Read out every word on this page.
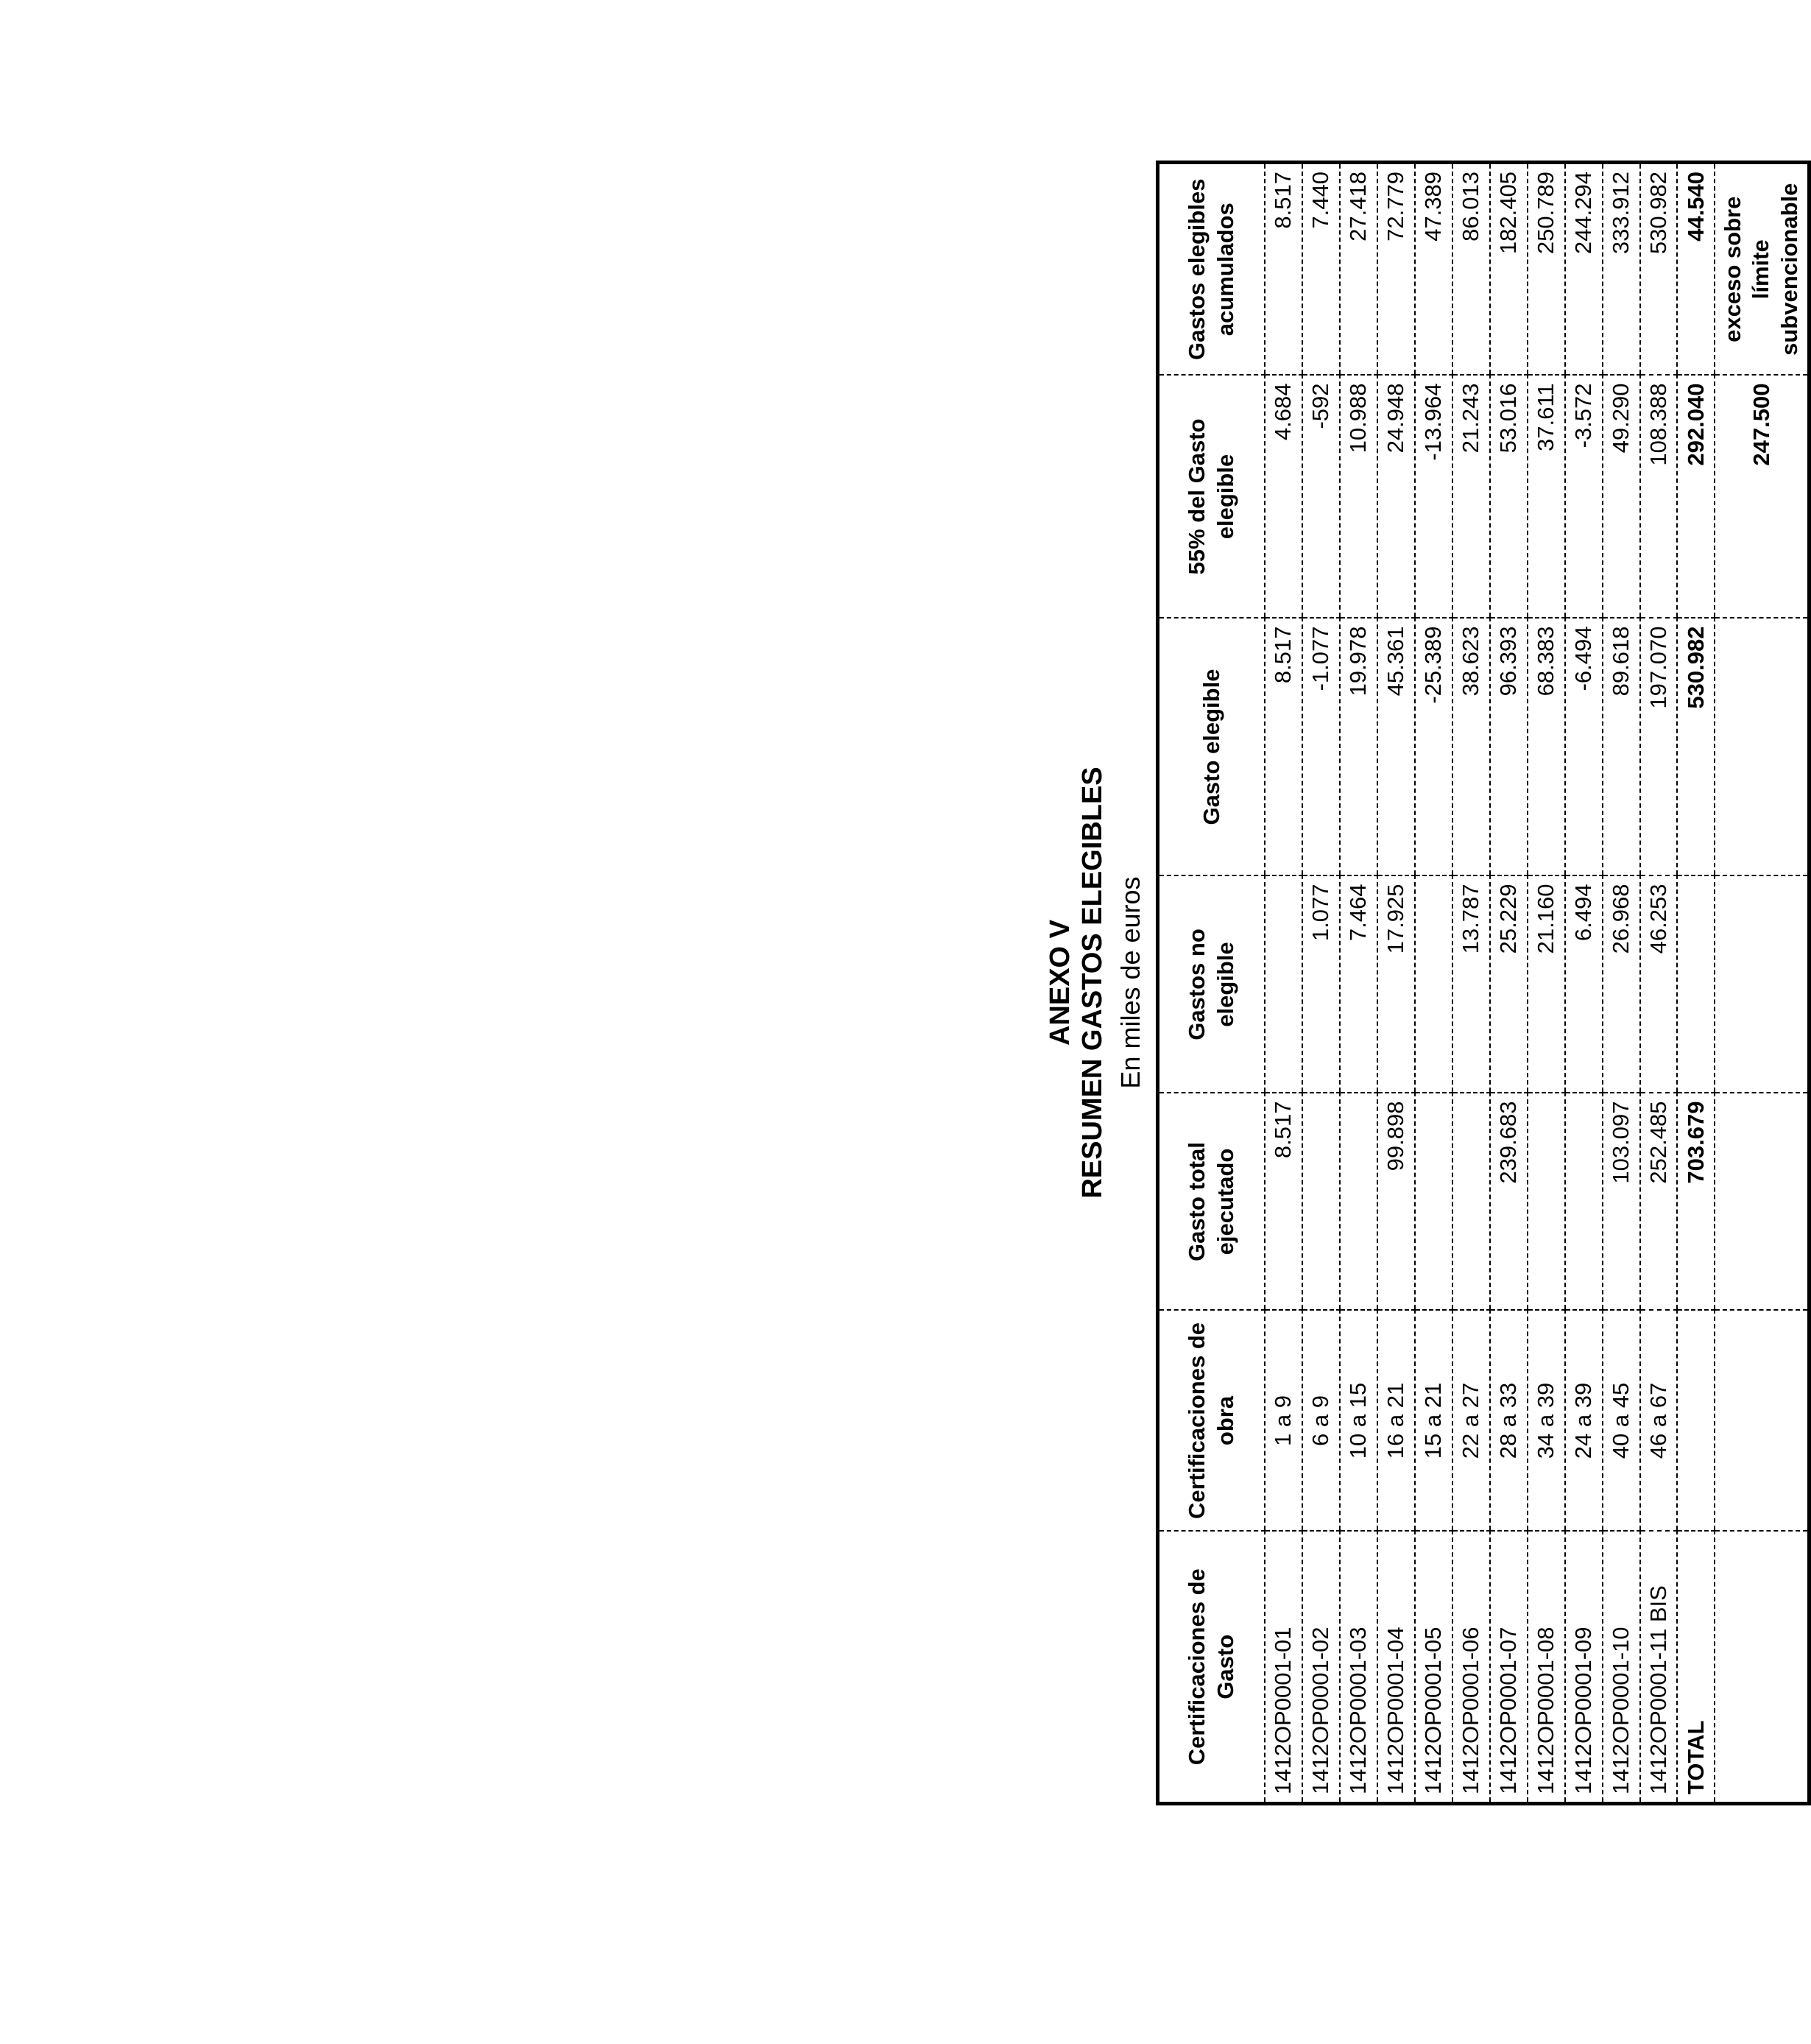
ANEXO V RESUMEN GASTOS ELEGIBLES En miles de euros
Certificaciones de Gasto	Certificaciones de obra	Gasto total ejecutado	Gastos no elegible	Gasto elegible	55% del Gasto elegible	Gastos elegibles acumulados
1412OP0001-01	1 a 9	8.517		8.517	4.684	8.517
1412OP0001-02	6 a 9		1.077	-1.077	-592	7.440
1412OP0001-03	10 a 15		7.464	19.978	10.988	27.418
1412OP0001-04	16 a 21	99.898	17.925	45.361	24.948	72.779
1412OP0001-05	15 a 21			-25.389	-13.964	47.389
1412OP0001-06	22 a 27		13.787	38.623	21.243	86.013
1412OP0001-07	28 a 33	239.683	25.229	96.393	53.016	182.405
1412OP0001-08	34 a 39		21.160	68.383	37.611	250.789
1412OP0001-09	24 a 39		6.494	-6.494	-3.572	244.294
1412OP0001-10	40 a 45	103.097	26.968	89.618	49.290	333.912
1412OP0001-11 BIS	46 a 67	252.485	46.253	197.070	108.388	530.982
TOTAL		703.679		530.982	292.040	44.540
					247.500	exceso sobre límite subvencionable
